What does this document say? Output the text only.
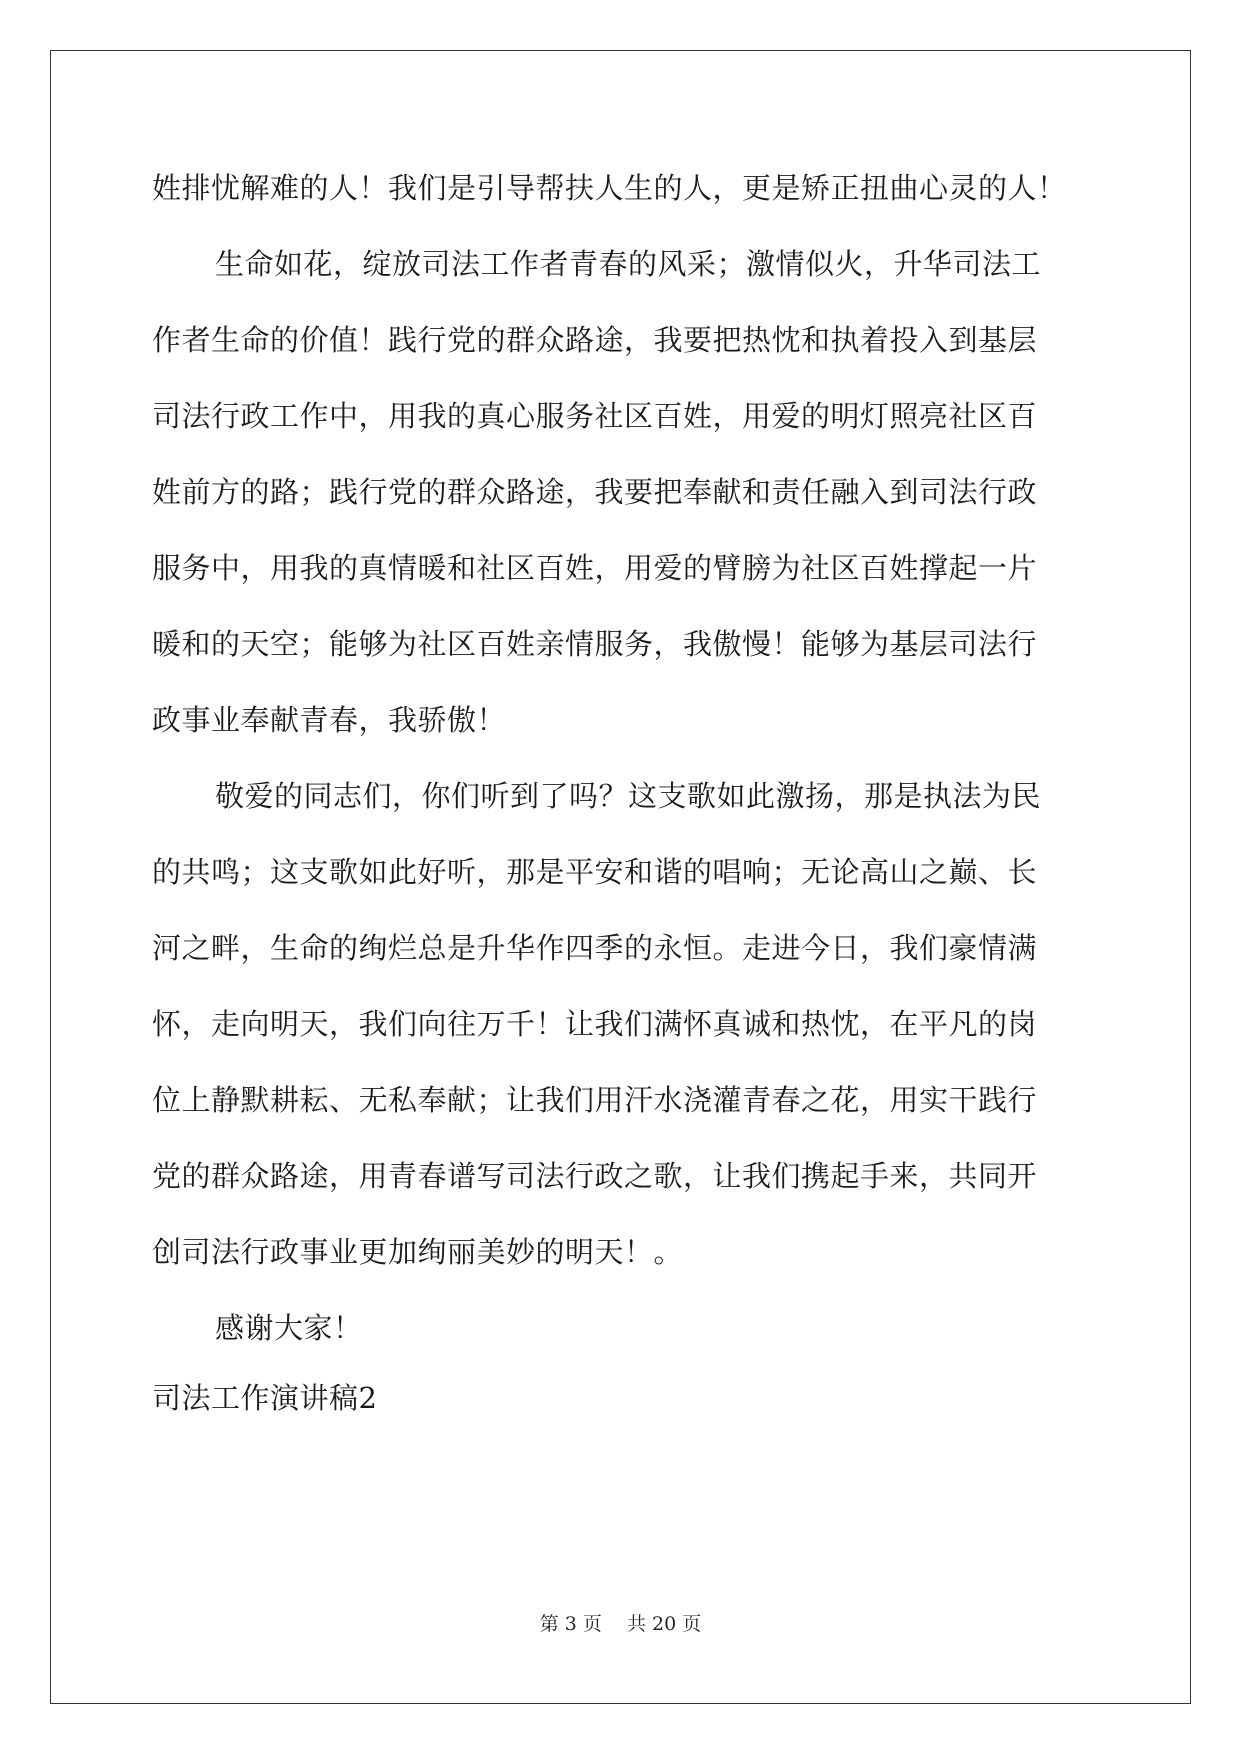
姓排忧解难的人！我们是引导帮扶人生的人，更是矫正扭曲心灵的人！
生命如花，绽放司法工作者青春的风采；激情似火，升华司法工
作者生命的价值！践行党的群众路途，我要把热忱和执着投入到基层
司法行政工作中，用我的真心服务社区百姓，用爱的明灯照亮社区百
姓前方的路；践行党的群众路途，我要把奉献和责任融入到司法行政
服务中，用我的真情暖和社区百姓，用爱的臂膀为社区百姓撑起一片
暖和的天空；能够为社区百姓亲情服务，我傲慢！能够为基层司法行
政事业奉献青春，我骄傲！
敬爱的同志们，你们听到了吗？这支歌如此激扬，那是执法为民
的共鸣；这支歌如此好听，那是平安和谐的唱响；无论高山之巅、长
河之畔，生命的绚烂总是升华作四季的永恒。走进今日，我们豪情满
怀，走向明天，我们向往万千！让我们满怀真诚和热忱，在平凡的岗
位上静默耕耘、无私奉献；让我们用汗水浇灌青春之花，用实干践行
党的群众路途，用青春谱写司法行政之歌，让我们携起手来，共同开
创司法行政事业更加绚丽美妙的明天！。
感谢大家！
司法工作演讲稿2
第 3 页　 共 20 页
